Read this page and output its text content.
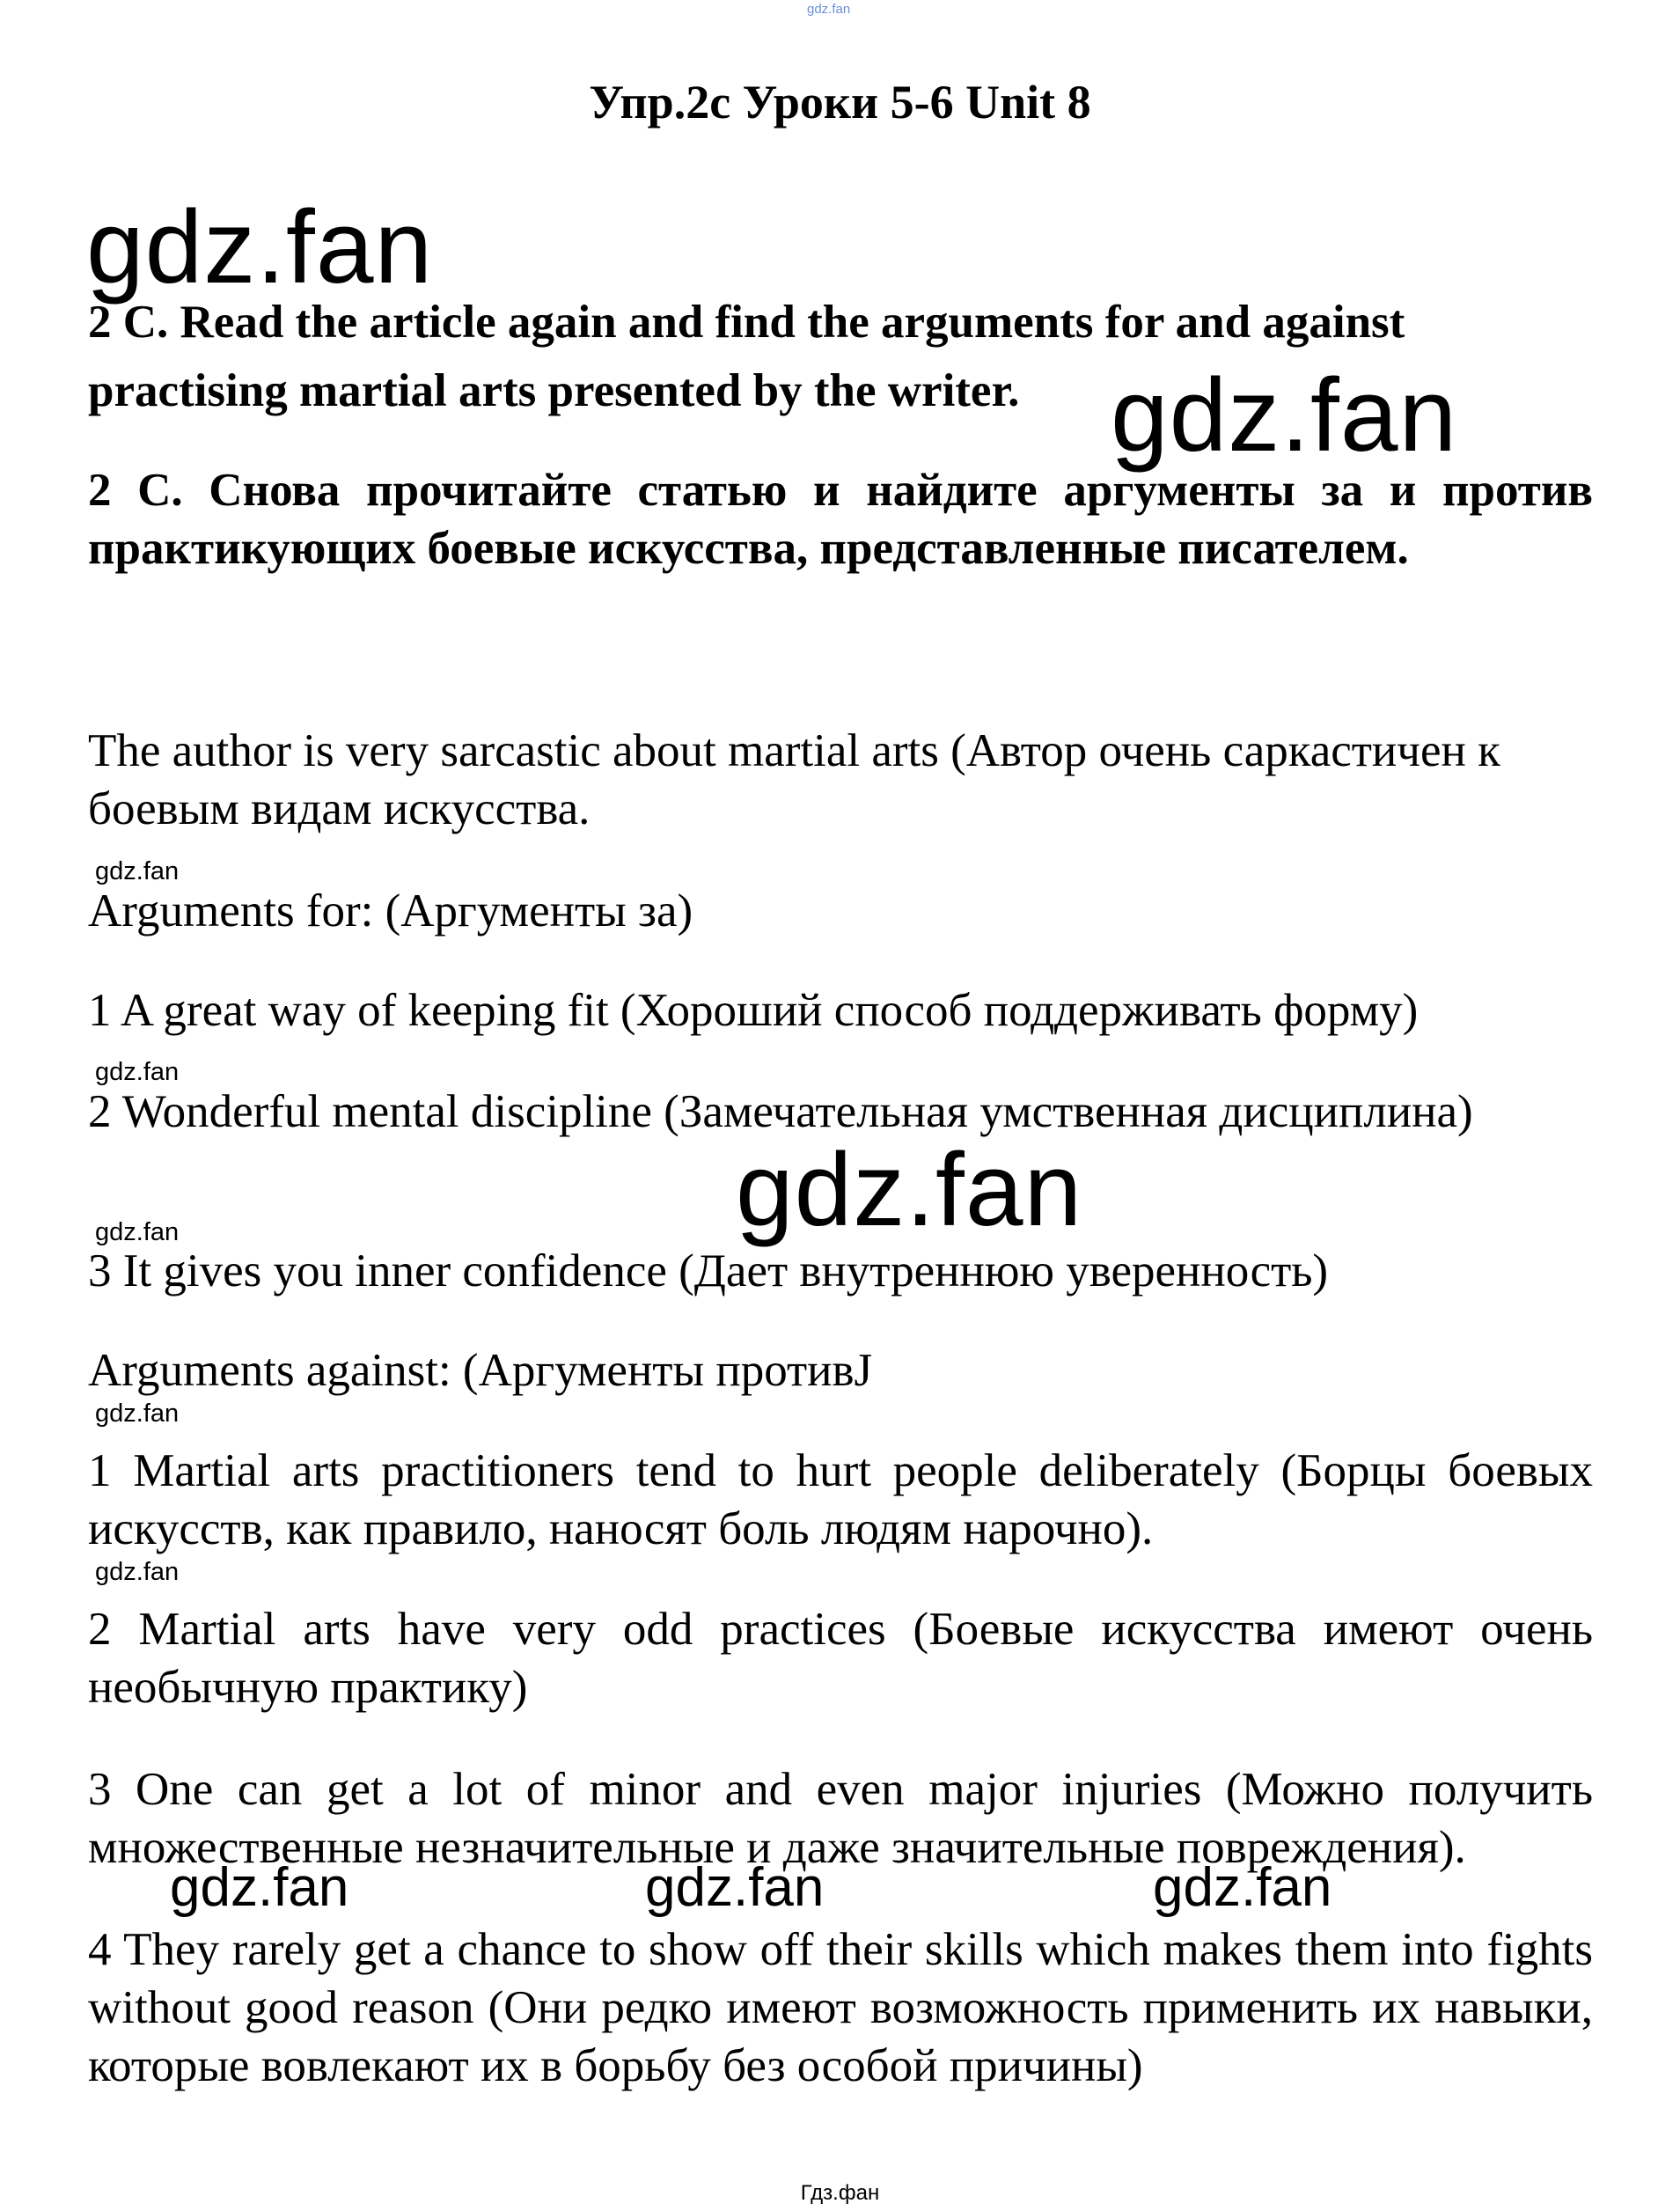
gdz.fan
Упр.2с Уроки 5-6 Unit 8
gdz.fan
2 С. Read the article again and find the arguments for and against practising martial arts presented by the writer. gdz.fan
2 С. Снова прочитайте статью и найдите аргументы за и против практикующих боевые искусства, представленные писателем.
The author is very sarcastic about martial arts (Автор очень саркастичен к боевым видам искусства.
gdz.fan
Arguments for: (Аргументы за)
1 A great way of keeping fit (Хороший способ поддерживать форму)
gdz.fan
2 Wonderful mental discipline (Замечательная умственная дисциплина)
gdz.fan
gdz.fan
3 It gives you inner confidence (Дает внутреннюю уверенность)
Arguments against: (Аргументы противJ
gdz.fan
1 Martial arts practitioners tend to hurt people deliberately (Борцы боевых искусств, как правило, наносят боль людям нарочно).
gdz.fan
2 Martial arts have very odd practices (Боевые искусства имеют очень необычную практику)
3 One can get a lot of minor and even major injuries (Можно получить множественные незначительные и даже значительные повреждения).
gdz.fan	gdz.fan	gdz.fan
4 They rarely get a chance to show off their skills which makes them into fights without good reason (Они редко имеют возможность применить их навыки, которые вовлекают их в борьбу без особой причины)
Гдз.фан
